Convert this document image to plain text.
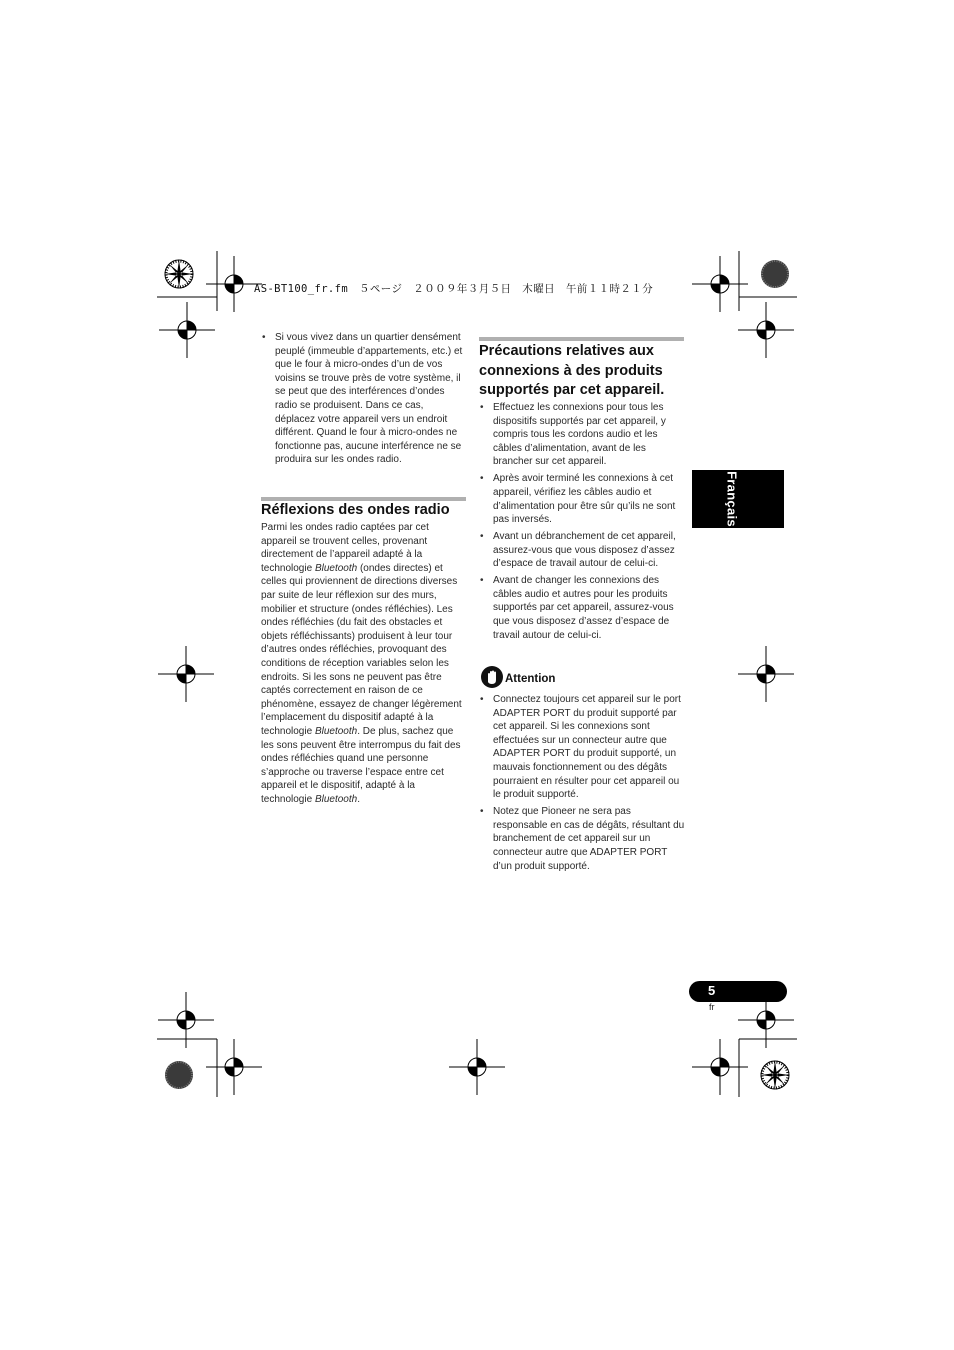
AS-BT100_fr.fm　５ページ　２００９年３月５日　木曜日　午前１１時２１分
• Si vous vivez dans un quartier densément peuplé (immeuble d’appartements, etc.) et que le four à micro-ondes d’un de vos voisins se trouve près de votre système, il se peut que des interférences d’ondes radio se produisent. Dans ce cas, déplacez votre appareil vers un endroit différent. Quand le four à micro-ondes ne fonctionne pas, aucune interférence ne se produira sur les ondes radio.
Réflexions des ondes radio

Parmi les ondes radio captées par cet appareil se trouvent celles, provenant directement de l’appareil adapté à la technologie Bluetooth (ondes directes) et celles qui proviennent de directions diverses par suite de leur réflexion sur des murs, mobilier et structure (ondes réfléchies). Les ondes réfléchies (du fait des obstacles et objets réfléchissants) produisent à leur tour d’autres ondes réfléchies, provoquant des conditions de réception variables selon les endroits. Si les sons ne peuvent pas être captés correctement en raison de ce phénomène, essayez de changer légèrement l’emplacement du dispositif adapté à la technologie Bluetooth. De plus, sachez que les sons peuvent être interrompus du fait des ondes réfléchies quand une personne s’approche ou traverse l’espace entre cet appareil et le dispositif, adapté à la technologie Bluetooth.

Précautions relatives aux connexions à des produits supportés par cet appareil.
• Effectuez les connexions pour tous les dispositifs supportés par cet appareil, y compris tous les cordons audio et les câbles d’alimentation, avant de les brancher sur cet appareil.
• Après avoir terminé les connexions à cet appareil, vérifiez les câbles audio et d’alimentation pour être sûr qu’ils ne sont pas inversés.
• Avant un débranchement de cet appareil, assurez-vous que vous disposez d’assez d’espace de travail autour de celui-ci.
• Avant de changer les connexions des câbles audio et autres pour les produits supportés par cet appareil, assurez-vous que vous disposez d’assez d’espace de travail autour de celui-ci.
Attention
• Connectez toujours cet appareil sur le port ADAPTER PORT du produit supporté par cet appareil. Si les connexions sont effectuées sur un connecteur autre que ADAPTER PORT du produit supporté, un mauvais fonctionnement ou des dégâts pourraient en résulter pour cet appareil ou le produit supporté.
• Notez que Pioneer ne sera pas responsable en cas de dégâts, résultant du branchement de cet appareil sur un connecteur autre que ADAPTER PORT d’un produit supporté.
Français
5
fr
